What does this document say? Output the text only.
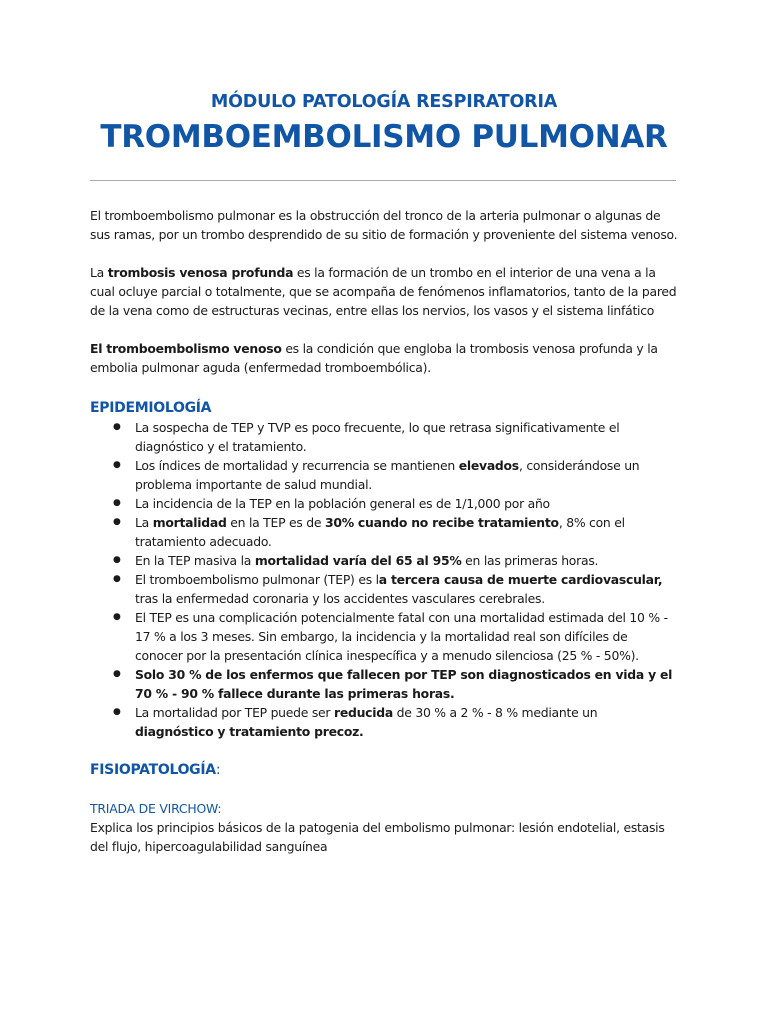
MÓDULO PATOLOGÍA RESPIRATORIA
TROMBOEMBOLISMO PULMONAR

El tromboembolismo pulmonar es la obstrucción del tronco de la arteria pulmonar o algunas de sus ramas, por un trombo desprendido de su sitio de formación y proveniente del sistema venoso.

La trombosis venosa profunda es la formación de un trombo en el interior de una vena a la cual ocluye parcial o totalmente, que se acompaña de fenómenos inflamatorios, tanto de la pared de la vena como de estructuras vecinas, entre ellas los nervios, los vasos y el sistema linfático

El tromboembolismo venoso es la condición que engloba la trombosis venosa profunda y la embolia pulmonar aguda (enfermedad tromboembólica).

EPIDEMIOLOGÍA
● La sospecha de TEP y TVP es poco frecuente, lo que retrasa significativamente el diagnóstico y el tratamiento.
● Los índices de mortalidad y recurrencia se mantienen elevados, considerándose un problema importante de salud mundial.
● La incidencia de la TEP en la población general es de 1/1,000 por año
● La mortalidad en la TEP es de 30% cuando no recibe tratamiento, 8% con el tratamiento adecuado.
● En la TEP masiva la mortalidad varía del 65 al 95% en las primeras horas.
● El tromboembolismo pulmonar (TEP) es la tercera causa de muerte cardiovascular, tras la enfermedad coronaria y los accidentes vasculares cerebrales.
● El TEP es una complicación potencialmente fatal con una mortalidad estimada del 10 % - 17 % a los 3 meses. Sin embargo, la incidencia y la mortalidad real son difíciles de conocer por la presentación clínica inespecífica y a menudo silenciosa (25 % - 50%).
● Solo 30 % de los enfermos que fallecen por TEP son diagnosticados en vida y el 70 % - 90 % fallece durante las primeras horas.
● La mortalidad por TEP puede ser reducida de 30 % a 2 % - 8 % mediante un diagnóstico y tratamiento precoz.
FISIOPATOLOGÍA:
TRIADA DE VIRCHOW:

Explica los principios básicos de la patogenia del embolismo pulmonar: lesión endotelial, estasis del flujo, hipercoagulabilidad sanguínea
